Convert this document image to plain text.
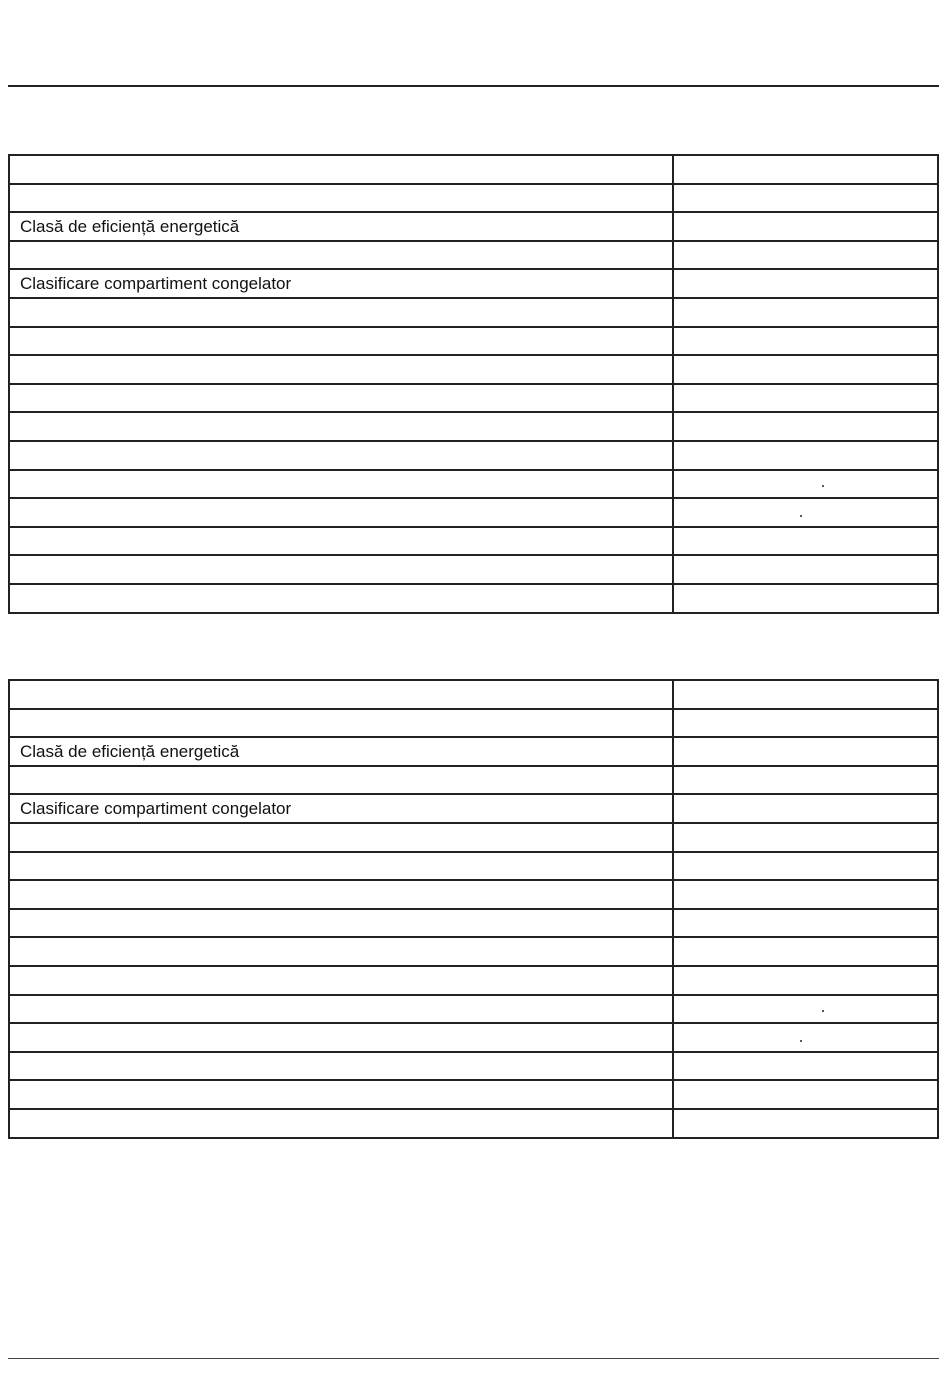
Clasă de eficiență energetică	

Clasificare compartiment congelator	

Clasă de eficiență energetică	

Clasificare compartiment congelator	
